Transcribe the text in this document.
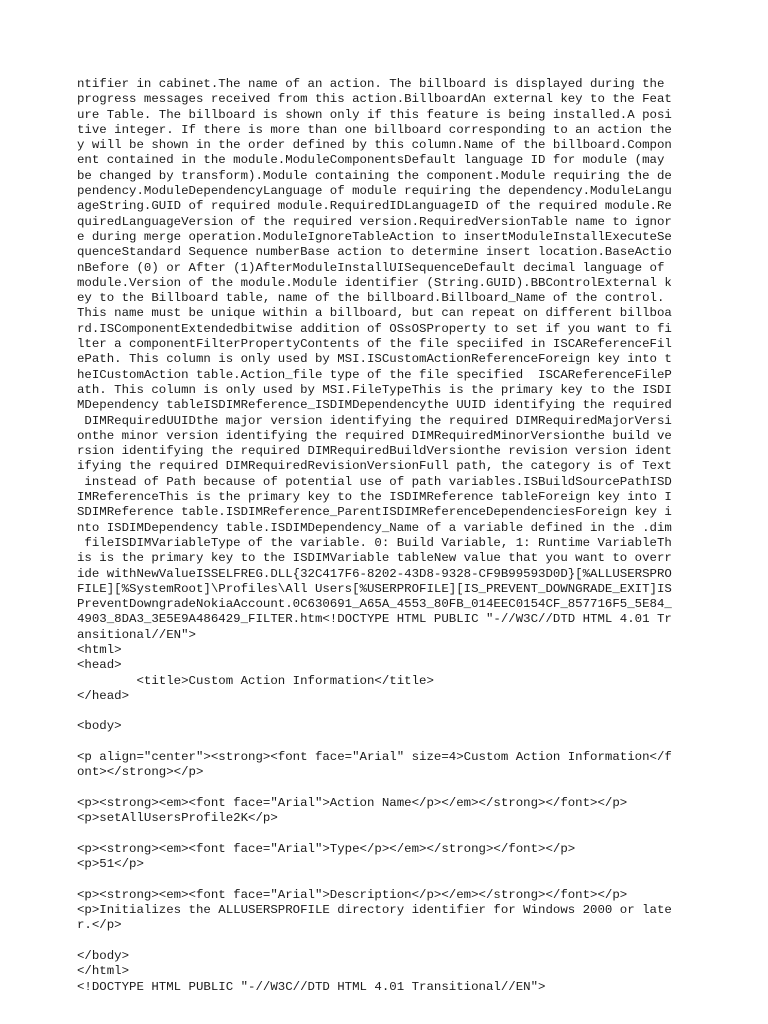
ntifier in cabinet.The name of an action. The billboard is displayed during the
progress messages received from this action.BillboardAn external key to the Feat
ure Table. The billboard is shown only if this feature is being installed.A posi
tive integer. If there is more than one billboard corresponding to an action the
y will be shown in the order defined by this column.Name of the billboard.Compon
ent contained in the module.ModuleComponentsDefault language ID for module (may
be changed by transform).Module containing the component.Module requiring the de
pendency.ModuleDependencyLanguage of module requiring the dependency.ModuleLangu
ageString.GUID of required module.RequiredIDLanguageID of the required module.Re
quiredLanguageVersion of the required version.RequiredVersionTable name to ignor
e during merge operation.ModuleIgnoreTableAction to insertModuleInstallExecuteSe
quenceStandard Sequence numberBase action to determine insert location.BaseActio
nBefore (0) or After (1)AfterModuleInstallUISequenceDefault decimal language of
module.Version of the module.Module identifier (String.GUID).BBControlExternal k
ey to the Billboard table, name of the billboard.Billboard_Name of the control.
This name must be unique within a billboard, but can repeat on different billboa
rd.ISComponentExtendedbitwise addition of OSsOSProperty to set if you want to fi
lter a componentFilterPropertyContents of the file speciifed in ISCAReferenceFil
ePath. This column is only used by MSI.ISCustomActionReferenceForeign key into t
heICustomAction table.Action_file type of the file specified  ISCAReferenceFileP
ath. This column is only used by MSI.FileTypeThis is the primary key to the ISDI
MDependency tableISDIMReference_ISDIMDependencythe UUID identifying the required
DIMRequiredUUIDthe major version identifying the required DIMRequiredMajorVersi
onthe minor version identifying the required DIMRequiredMinorVersionthe build ve
rsion identifying the required DIMRequiredBuildVersionthe revision version ident
ifying the required DIMRequiredRevisionVersionFull path, the category is of Text
instead of Path because of potential use of path variables.ISBuildSourcePathISD
IMReferenceThis is the primary key to the ISDIMReference tableForeign key into I
SDIMReference table.ISDIMReference_ParentISDIMReferenceDependenciesForeign key i
nto ISDIMDependency table.ISDIMDependency_Name of a variable defined in the .dim
fileISDIMVariableType of the variable. 0: Build Variable, 1: Runtime VariableTh
is is the primary key to the ISDIMVariable tableNew value that you want to overr
ide withNewValueISSELFREG.DLL{32C417F6-8202-43D8-9328-CF9B99593D0D}[%ALLUSERSPRO
FILE][%SystemRoot]\Profiles\All Users[%USERPROFILE][IS_PREVENT_DOWNGRADE_EXIT]IS
PreventDowngradeNokiaAccount.0C630691_A65A_4553_80FB_014EEC0154CF_857716F5_5E84_
4903_8DA3_3E5E9A486429_FILTER.htm<!DOCTYPE HTML PUBLIC "-//W3C//DTD HTML 4.01 Tr
ansitional//EN">
<html>
<head>
<title>Custom Action Information</title>
</head>
<body>
<p align="center"><strong><font face="Arial" size=4>Custom Action Information</f
ont></strong></p>
<p><strong><em><font face="Arial">Action Name</p></em></strong></font></p>
<p>setAllUsersProfile2K</p>
<p><strong><em><font face="Arial">Type</p></em></strong></font></p>
<p>51</p>
<p><strong><em><font face="Arial">Description</p></em></strong></font></p>
<p>Initializes the ALLUSERSPROFILE directory identifier for Windows 2000 or late
r.</p>
</body>
</html>
<!DOCTYPE HTML PUBLIC "-//W3C//DTD HTML 4.01 Transitional//EN">
